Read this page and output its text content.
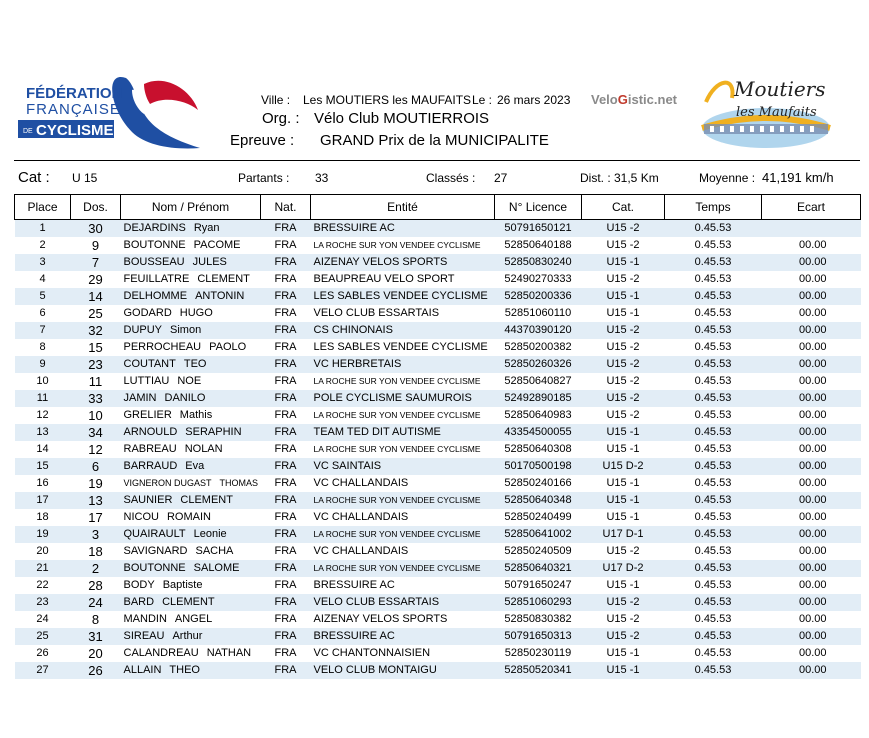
FÉDÉRATION
FRANÇAISE
DE CYCLISME
Ville : Les MOUTIERS les MAUFAITS Le : 26 mars 2023
Org. : Vélo Club MOUTIERROIS
Epreuve : GRAND Prix de la MUNICIPALITE
VeloGistic.net	Moutiers
les Maufaits
Cat : U 15	Partants : 33	Classés : 27	Dist. : 31,5 Km	Moyenne : 41,191 km/h
Place	Dos.	Nom / Prénom	Nat.	Entité	N° Licence	Cat.	Temps	Ecart
1	30	DEJARDINS Ryan	FRA	BRESSUIRE AC	50791650121	U15 -2	0.45.53	
2	9	BOUTONNE PACOME	FRA	LA ROCHE SUR YON VENDEE CYCLISME	52850640188	U15 -2	0.45.53	00.00
3	7	BOUSSEAU JULES	FRA	AIZENAY VELOS SPORTS	52850830240	U15 -1	0.45.53	00.00
4	29	FEUILLATRE CLEMENT	FRA	BEAUPREAU VELO SPORT	52490270333	U15 -2	0.45.53	00.00
5	14	DELHOMME ANTONIN	FRA	LES SABLES VENDEE CYCLISME	52850200336	U15 -1	0.45.53	00.00
6	25	GODARD HUGO	FRA	VELO CLUB ESSARTAIS	52851060110	U15 -1	0.45.53	00.00
7	32	DUPUY Simon	FRA	CS CHINONAIS	44370390120	U15 -2	0.45.53	00.00
8	15	PERROCHEAU PAOLO	FRA	LES SABLES VENDEE CYCLISME	52850200382	U15 -2	0.45.53	00.00
9	23	COUTANT TEO	FRA	VC HERBRETAIS	52850260326	U15 -2	0.45.53	00.00
10	11	LUTTIAU NOE	FRA	LA ROCHE SUR YON VENDEE CYCLISME	52850640827	U15 -2	0.45.53	00.00
11	33	JAMIN DANILO	FRA	POLE CYCLISME SAUMUROIS	52492890185	U15 -2	0.45.53	00.00
12	10	GRELIER Mathis	FRA	LA ROCHE SUR YON VENDEE CYCLISME	52850640983	U15 -2	0.45.53	00.00
13	34	ARNOULD SERAPHIN	FRA	TEAM TED DIT AUTISME	43354500055	U15 -1	0.45.53	00.00
14	12	RABREAU NOLAN	FRA	LA ROCHE SUR YON VENDEE CYCLISME	52850640308	U15 -1	0.45.53	00.00
15	6	BARRAUD Eva	FRA	VC SAINTAIS	50170500198	U15 D-2	0.45.53	00.00
16	19	VIGNERON DUGAST THOMAS	FRA	VC CHALLANDAIS	52850240166	U15 -1	0.45.53	00.00
17	13	SAUNIER CLEMENT	FRA	LA ROCHE SUR YON VENDEE CYCLISME	52850640348	U15 -1	0.45.53	00.00
18	17	NICOU ROMAIN	FRA	VC CHALLANDAIS	52850240499	U15 -1	0.45.53	00.00
19	3	QUAIRAULT Leonie	FRA	LA ROCHE SUR YON VENDEE CYCLISME	52850641002	U17 D-1	0.45.53	00.00
20	18	SAVIGNARD SACHA	FRA	VC CHALLANDAIS	52850240509	U15 -2	0.45.53	00.00
21	2	BOUTONNE SALOME	FRA	LA ROCHE SUR YON VENDEE CYCLISME	52850640321	U17 D-2	0.45.53	00.00
22	28	BODY Baptiste	FRA	BRESSUIRE AC	50791650247	U15 -1	0.45.53	00.00
23	24	BARD CLEMENT	FRA	VELO CLUB ESSARTAIS	52851060293	U15 -2	0.45.53	00.00
24	8	MANDIN ANGEL	FRA	AIZENAY VELOS SPORTS	52850830382	U15 -2	0.45.53	00.00
25	31	SIREAU Arthur	FRA	BRESSUIRE AC	50791650313	U15 -2	0.45.53	00.00
26	20	CALANDREAU NATHAN	FRA	VC CHANTONNAISIEN	52850230119	U15 -1	0.45.53	00.00
27	26	ALLAIN THEO	FRA	VELO CLUB MONTAIGU	52850520341	U15 -1	0.45.53	00.00
